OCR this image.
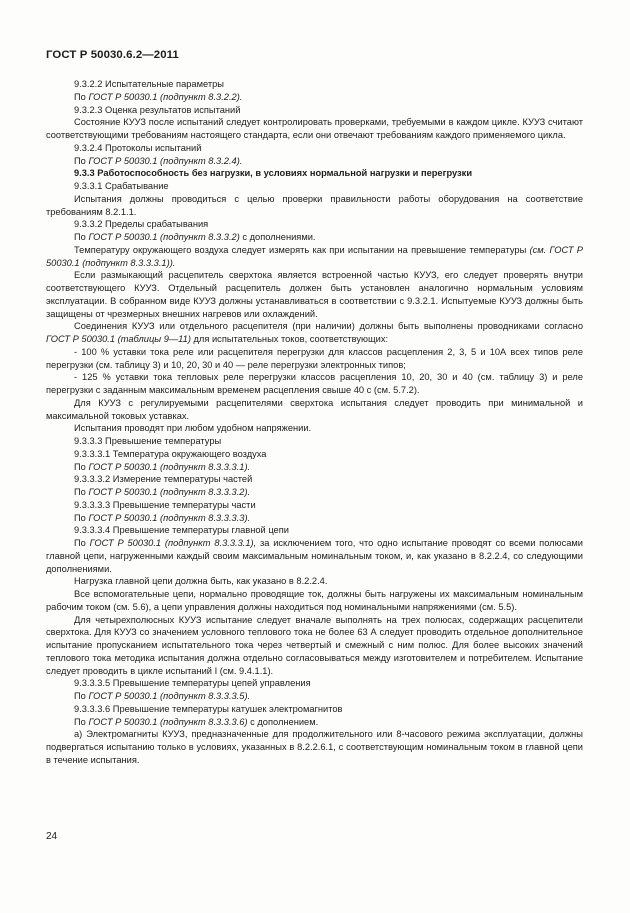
ГОСТ Р 50030.6.2—2011

9.3.2.2 Испытательные параметры

По ГОСТ Р 50030.1 (подпункт 8.3.2.2).

9.3.2.3 Оценка результатов испытаний

Состояние КУУЗ после испытаний следует контролировать проверками, требуемыми в каждом цикле. КУУЗ считают соответствующими требованиям настоящего стандарта, если они отвечают требованиям каждого применяемого цикла.

9.3.2.4 Протоколы испытаний

По ГОСТ Р 50030.1 (подпункт 8.3.2.4).

9.3.3 Работоспособность без нагрузки, в условиях нормальной нагрузки и перегрузки

9.3.3.1 Срабатывание

Испытания должны проводиться с целью проверки правильности работы оборудования на соответствие требованиям 8.2.1.1.

9.3.3.2 Пределы срабатывания

По ГОСТ Р 50030.1 (подпункт 8.3.3.2) с дополнениями.

Температуру окружающего воздуха следует измерять как при испытании на превышение температуры (см. ГОСТ Р 50030.1 (подпункт 8.3.3.3.1)).

Если размыкающий расцепитель сверхтока является встроенной частью КУУЗ, его следует проверять внутри соответствующего КУУЗ. Отдельный расцепитель должен быть установлен аналогично нормальным условиям эксплуатации. В собранном виде КУУЗ должны устанавливаться в соответствии с 9.3.2.1. Испытуемые КУУЗ должны быть защищены от чрезмерных внешних нагревов или охлаждений.

Соединения КУУЗ или отдельного расцепителя (при наличии) должны быть выполнены проводниками согласно ГОСТ Р 50030.1 (таблицы 9—11) для испытательных токов, соответствующих:

- 100 % уставки тока реле или расцепителя перегрузки для классов расцепления 2, 3, 5 и 10А всех типов реле перегрузки (см. таблицу 3) и 10, 20, 30 и 40 — реле перегрузки электронных типов;

- 125 % уставки тока тепловых реле перегрузки классов расцепления 10, 20, 30 и 40 (см. таблицу 3) и реле перегрузки с заданным максимальным временем расцепления свыше 40 с (см. 5.7.2).

Для КУУЗ с регулируемыми расцепителями сверхтока испытания следует проводить при минимальной и максимальной токовых уставках.

Испытания проводят при любом удобном напряжении.

9.3.3.3 Превышение температуры

9.3.3.3.1 Температура окружающего воздуха

По ГОСТ Р 50030.1 (подпункт 8.3.3.3.1).

9.3.3.3.2 Измерение температуры частей

По ГОСТ Р 50030.1 (подпункт 8.3.3.3.2).

9.3.3.3.3 Превышение температуры части

По ГОСТ Р 50030.1 (подпункт 8.3.3.3.3).

9.3.3.3.4 Превышение температуры главной цепи

По ГОСТ Р 50030.1 (подпункт 8.3.3.3.1), за исключением того, что одно испытание проводят со всеми полюсами главной цепи, нагруженными каждый своим максимальным номинальным током, и, как указано в 8.2.2.4, со следующими дополнениями.

Нагрузка главной цепи должна быть, как указано в 8.2.2.4.

Все вспомогательные цепи, нормально проводящие ток, должны быть нагружены их максимальным номинальным рабочим током (см. 5.6), а цепи управления должны находиться под номинальными напряжениями (см. 5.5).

Для четырехполюсных КУУЗ испытание следует вначале выполнять на трех полюсах, содержащих расцепители сверхтока. Для КУУЗ со значением условного теплового тока не более 63 А следует проводить отдельное дополнительное испытание пропусканием испытательного тока через четвертый и смежный с ним полюс. Для более высоких значений теплового тока методика испытания должна отдельно согласовываться между изготовителем и потребителем. Испытание следует проводить в цикле испытаний I (см. 9.4.1.1).

9.3.3.3.5 Превышение температуры цепей управления

По ГОСТ Р 50030.1 (подпункт 8.3.3.3.5).

9.3.3.3.6 Превышение температуры катушек электромагнитов

По ГОСТ Р 50030.1 (подпункт 8.3.3.3.6) с дополнением.

а) Электромагниты КУУЗ, предназначенные для продолжительного или 8-часового режима эксплуатации, должны подвергаться испытанию только в условиях, указанных в 8.2.2.6.1, с соответствующим номинальным током в главной цепи в течение испытания.

24
